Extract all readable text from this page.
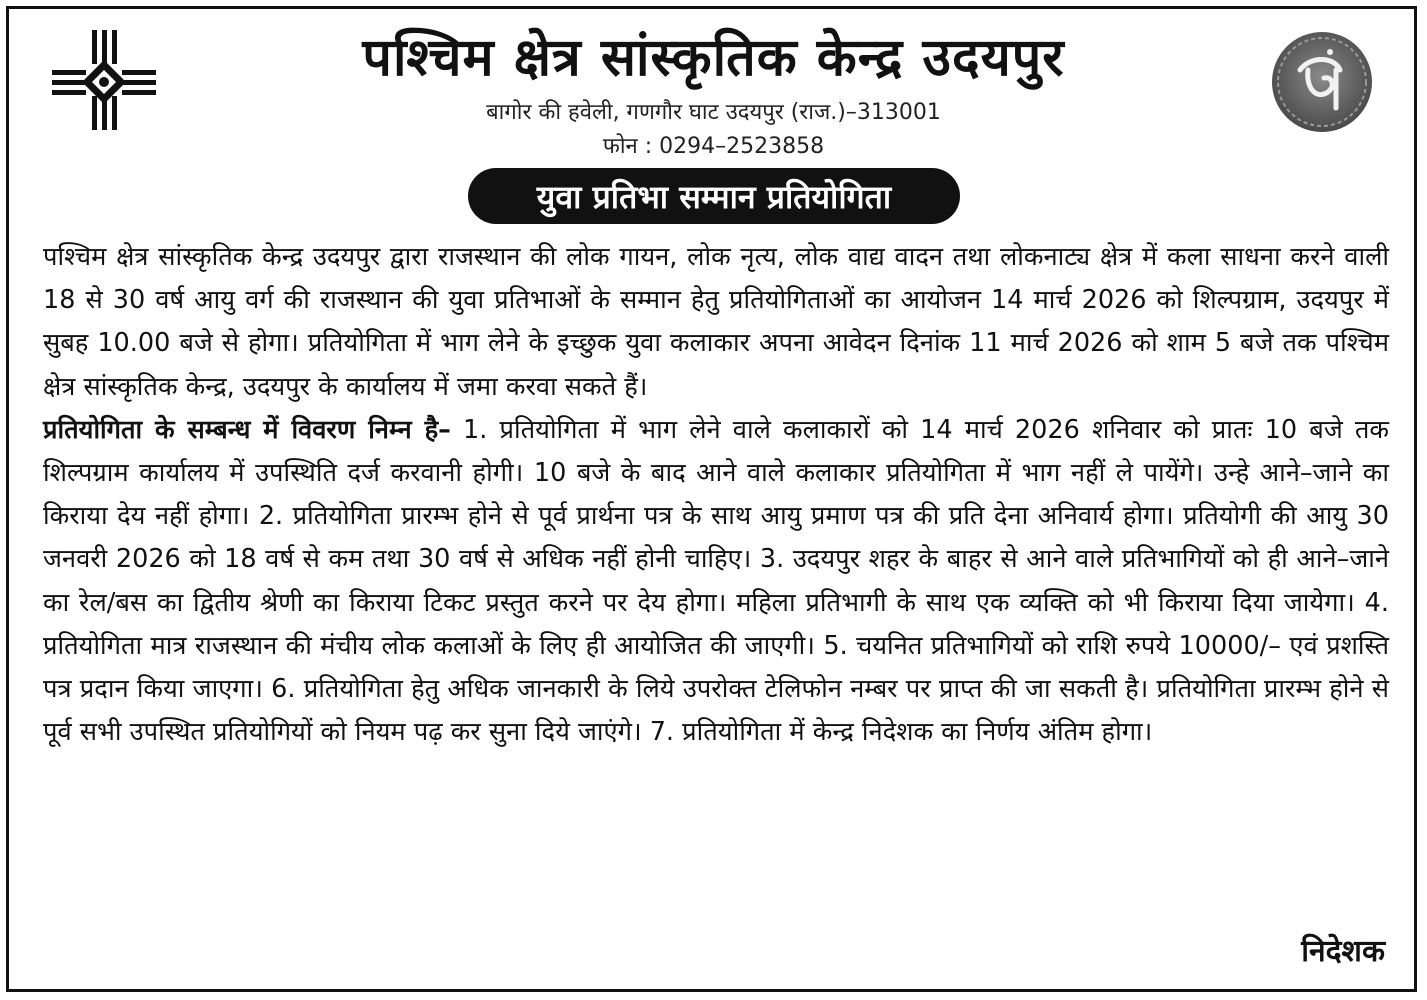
पश्चिम क्षेत्र सांस्कृतिक केन्द्र उदयपुर
बागोर की हवेली, गणगौर घाट उदयपुर (राज.)–313001
फोन : 0294–2523858
युवा प्रतिभा सम्मान प्रतियोगिता

पश्चिम क्षेत्र सांस्कृतिक केन्द्र उदयपुर द्वारा राजस्थान की लोक गायन, लोक नृत्य, लोक वाद्य वादन तथा लोकनाट्य क्षेत्र में कला साधना करने वाली 18 से 30 वर्ष आयु वर्ग की राजस्थान की युवा प्रतिभाओं के सम्मान हेतु प्रतियोगिताओं का आयोजन 14 मार्च 2026 को शिल्पग्राम, उदयपुर में सुबह 10.00 बजे से होगा। प्रतियोगिता में भाग लेने के इच्छुक युवा कलाकार अपना आवेदन दिनांक 11 मार्च 2026 को शाम 5 बजे तक पश्चिम क्षेत्र सांस्कृतिक केन्द्र, उदयपुर के कार्यालय में जमा करवा सकते हैं।

प्रतियोगिता के सम्बन्ध में विवरण निम्न है– 1. प्रतियोगिता में भाग लेने वाले कलाकारों को 14 मार्च 2026 शनिवार को प्रातः 10 बजे तक शिल्पग्राम कार्यालय में उपस्थिति दर्ज करवानी होगी। 10 बजे के बाद आने वाले कलाकार प्रतियोगिता में भाग नहीं ले पायेंगे। उन्हे आने–जाने का किराया देय नहीं होगा। 2. प्रतियोगिता प्रारम्भ होने से पूर्व प्रार्थना पत्र के साथ आयु प्रमाण पत्र की प्रति देना अनिवार्य होगा। प्रतियोगी की आयु 30 जनवरी 2026 को 18 वर्ष से कम तथा 30 वर्ष से अधिक नहीं होनी चाहिए। 3. उदयपुर शहर के बाहर से आने वाले प्रतिभागियों को ही आने–जाने का रेल/बस का द्वितीय श्रेणी का किराया टिकट प्रस्तुत करने पर देय होगा। महिला प्रतिभागी के साथ एक व्यक्ति को भी किराया दिया जायेगा। 4. प्रतियोगिता मात्र राजस्थान की मंचीय लोक कलाओं के लिए ही आयोजित की जाएगी। 5. चयनित प्रतिभागियों को राशि रुपये 10000/– एवं प्रशस्ति पत्र प्रदान किया जाएगा। 6. प्रतियोगिता हेतु अधिक जानकारी के लिये उपरोक्त टेलिफोन नम्बर पर प्राप्त की जा सकती है। प्रतियोगिता प्रारम्भ होने से पूर्व सभी उपस्थित प्रतियोगियों को नियम पढ़ कर सुना दिये जाएंगे। 7. प्रतियोगिता में केन्द्र निदेशक का निर्णय अंतिम होगा।

निदेशक
